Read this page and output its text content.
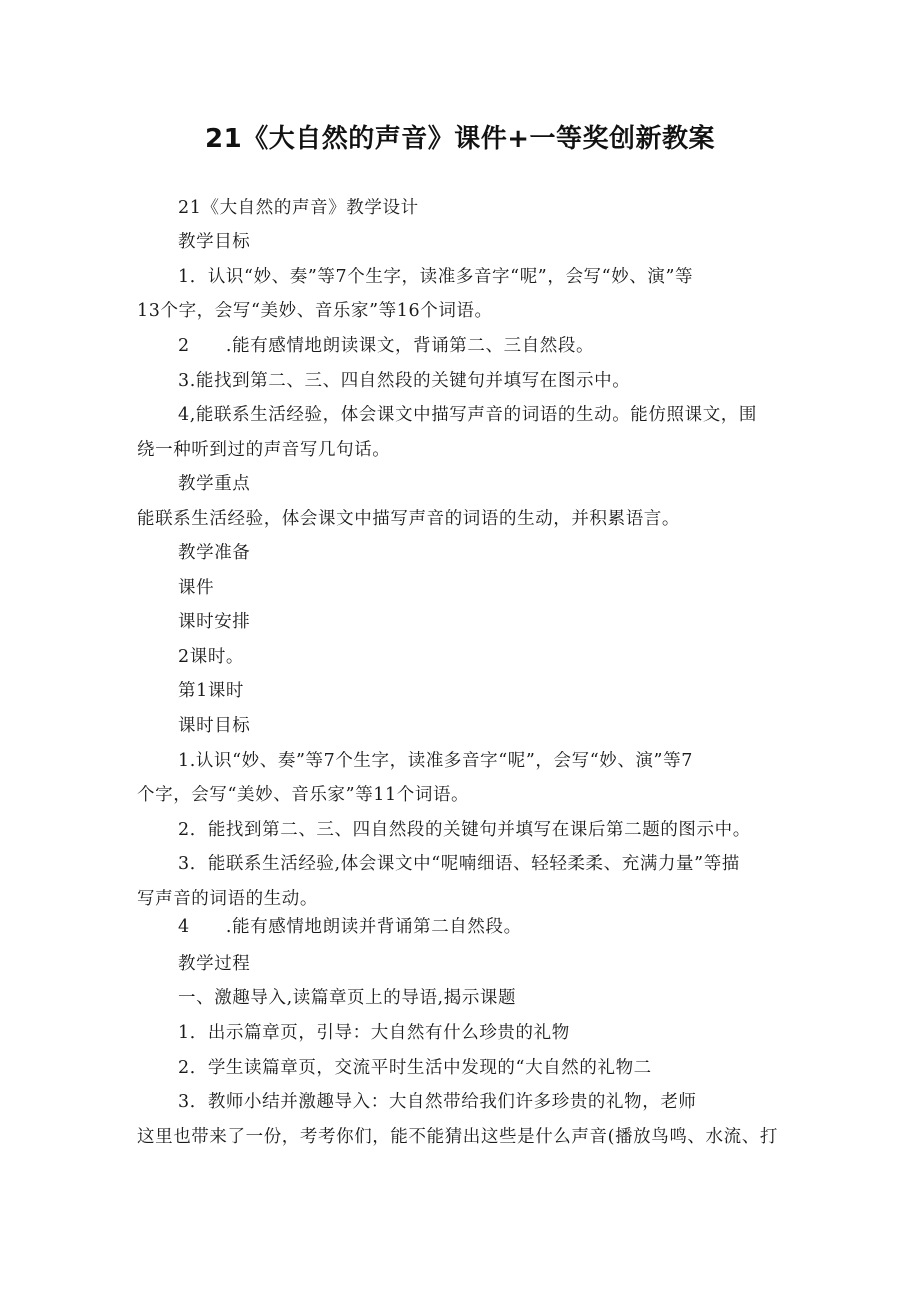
21《大自然的声音》课件+一等奖创新教案
21《大自然的声音》教学设计
教学目标
1．认识“妙、奏”等7个生字，读准多音字“呢”，会写“妙、演”等
13个字，会写“美妙、音乐家”等16个词语。
2　　.能有感情地朗读课文，背诵第二、三自然段。
3.能找到第二、三、四自然段的关键句并填写在图示中。
4,能联系生活经验，体会课文中描写声音的词语的生动。能仿照课文，围
绕一种听到过的声音写几句话。
教学重点
能联系生活经验，体会课文中描写声音的词语的生动，并积累语言。
教学准备
课件
课时安排
2课时。
第1课时
课时目标
1.认识“妙、奏”等7个生字，读准多音字“呢”，会写“妙、演”等7
个字，会写“美妙、音乐家”等11个词语。
2．能找到第二、三、四自然段的关键句并填写在课后第二题的图示中。
3．能联系生活经验,体会课文中“呢喃细语、轻轻柔柔、充满力量”等描
写声音的词语的生动。
4　　.能有感情地朗读并背诵第二自然段。
教学过程
一、激趣导入,读篇章页上的导语,揭示课题
1．出示篇章页，引导：大自然有什么珍贵的礼物
2．学生读篇章页，交流平时生活中发现的“大自然的礼物二
3．教师小结并激趣导入：大自然带给我们许多珍贵的礼物，老师
这里也带来了一份，考考你们，能不能猜出这些是什么声音(播放鸟鸣、水流、打
